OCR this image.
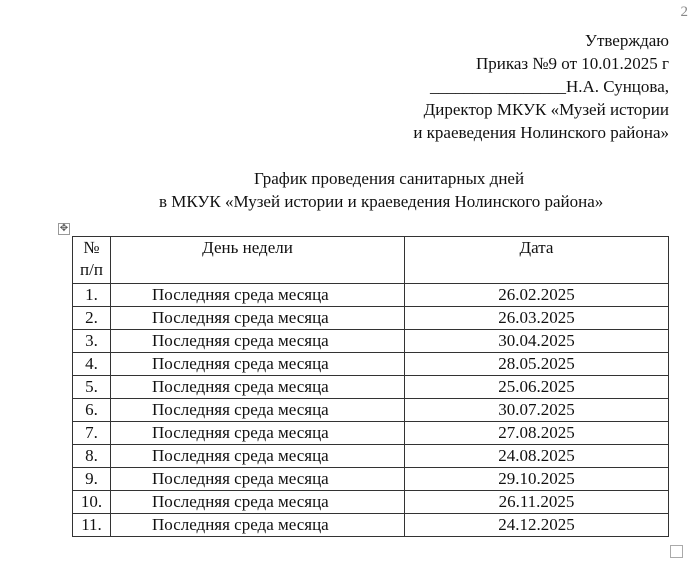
2
Утверждаю
Приказ №9 от 10.01.2025 г
________________Н.А. Сунцова,
Директор МКУК «Музей истории
и краеведения Нолинского района»
График проведения санитарных дней
в МКУК «Музей истории и краеведения Нолинского района»
✥
№
п/п	День недели	Дата
1.	Последняя среда месяца	26.02.2025
2.	Последняя среда месяца	26.03.2025
3.	Последняя среда месяца	30.04.2025
4.	Последняя среда месяца	28.05.2025
5.	Последняя среда месяца	25.06.2025
6.	Последняя среда месяца	30.07.2025
7.	Последняя среда месяца	27.08.2025
8.	Последняя среда месяца	24.08.2025
9.	Последняя среда месяца	29.10.2025
10.	Последняя среда месяца	26.11.2025
11.	Последняя среда месяца	24.12.2025
